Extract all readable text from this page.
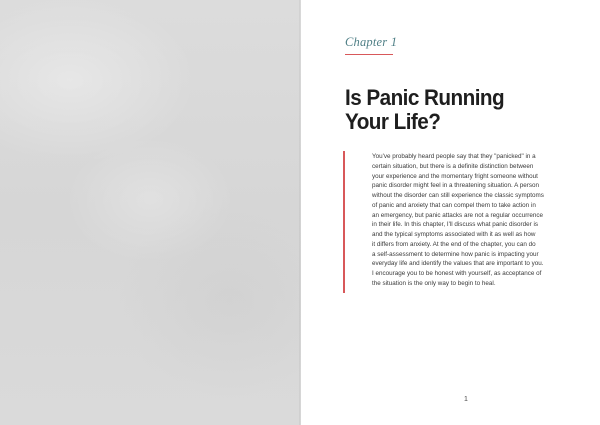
Chapter 1
Is Panic Running
Your Life?
You've probably heard people say that they "panicked" in a
certain situation, but there is a definite distinction between
your experience and the momentary fright someone without
panic disorder might feel in a threatening situation. A person
without the disorder can still experience the classic symptoms
of panic and anxiety that can compel them to take action in
an emergency, but panic attacks are not a regular occurrence
in their life. In this chapter, I'll discuss what panic disorder is
and the typical symptoms associated with it as well as how
it differs from anxiety. At the end of the chapter, you can do
a self-assessment to determine how panic is impacting your
everyday life and identify the values that are important to you.
I encourage you to be honest with yourself, as acceptance of
the situation is the only way to begin to heal.
1
